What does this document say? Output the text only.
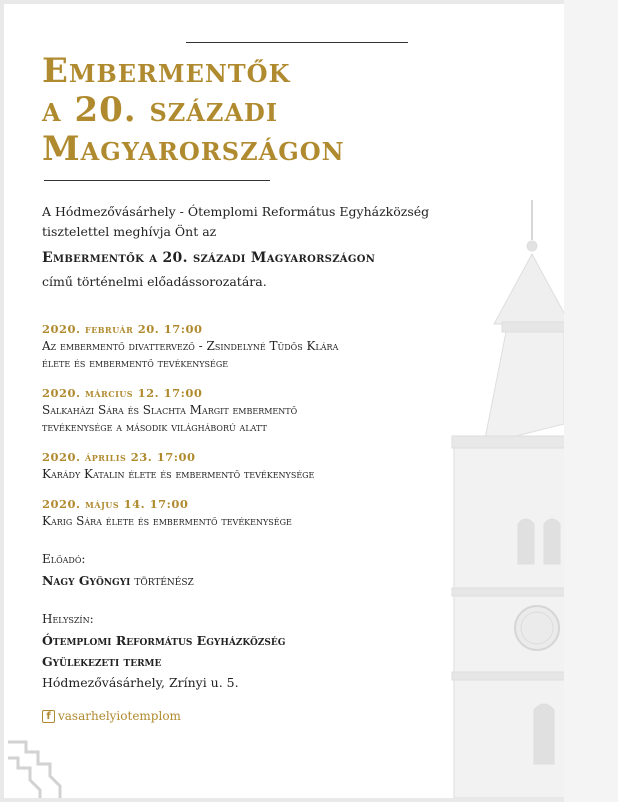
Embermentők
a 20. századi
Magyarországon
A Hódmezővásárhely - Ótemplomi Református Egyházközség
tisztelettel meghívja Önt az
Embermentők a 20. századi Magyarországon
című történelmi előadássorozatára.
2020. február 20. 17:00
Az embermentő divattervező - Zsindelyné Tüdős Klára
élete és embermentő tevékenysége
2020. március 12. 17:00
Salkaházi Sára és Slachta Margit embermentő
tevékenysége a második világháború alatt
2020. április 23. 17:00
Karády Katalin élete és embermentő tevékenysége
2020. május 14. 17:00
Karig Sára élete és embermentő tevékenysége
Előadó:
Nagy Gyöngyi történész
Helyszín:
Ótemplomi Református Egyházközség
Gyülekezeti terme
Hódmezővásárhely, Zrínyi u. 5.
f vasarhelyiotemplom
